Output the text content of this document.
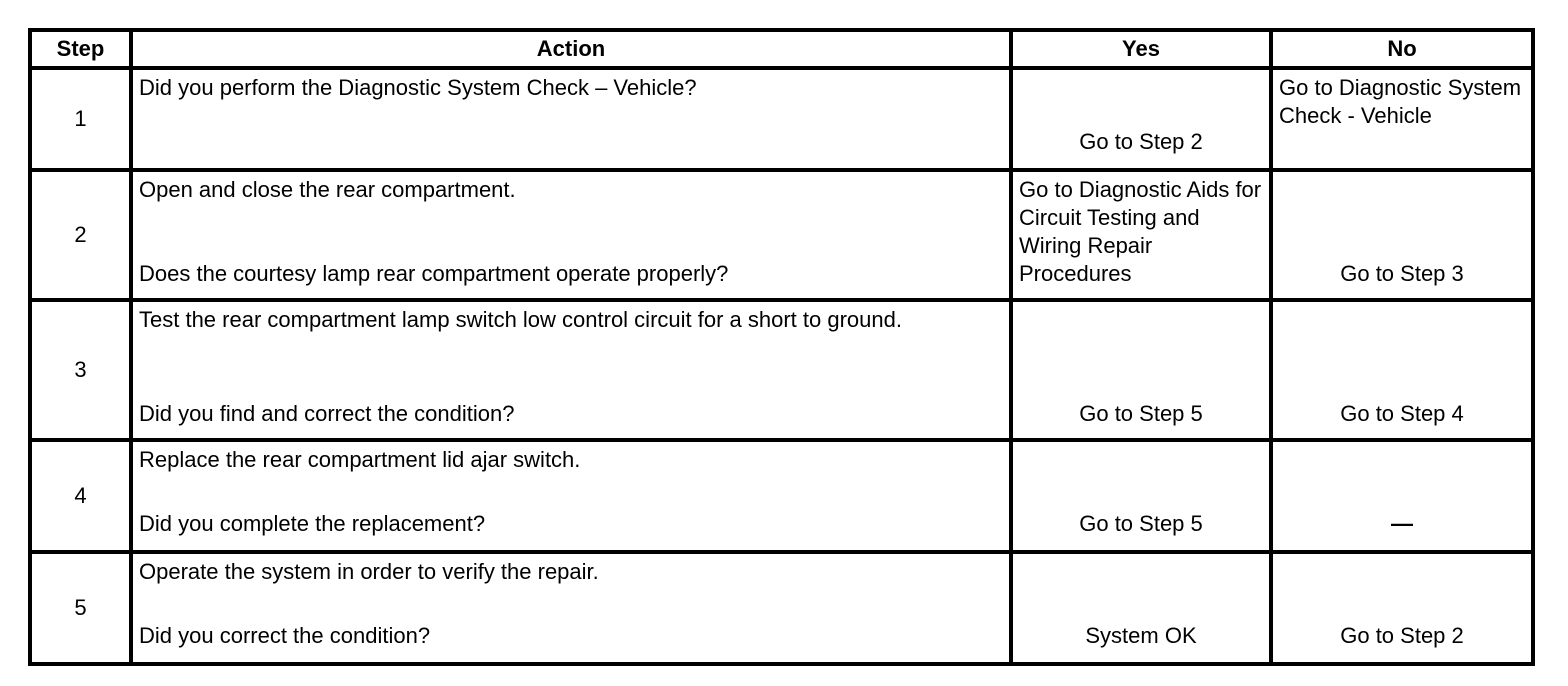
Step	Action	Yes	No
1	Did you perform the Diagnostic System Check – Vehicle?	Go to Step 2	Go to Diagnostic System Check - Vehicle

2	Open and close the rear compartment.
Does the courtesy lamp rear compartment operate properly?	Go to Diagnostic Aids for Circuit Testing and Wiring Repair Procedures	Go to Step 3

3	Test the rear compartment lamp switch low control circuit for a short to ground.
Did you find and correct the condition?	Go to Step 5	Go to Step 4

4	Replace the rear compartment lid ajar switch.
Did you complete the replacement?	Go to Step 5	—

5	Operate the system in order to verify the repair.
Did you correct the condition?	System OK	Go to Step 2
